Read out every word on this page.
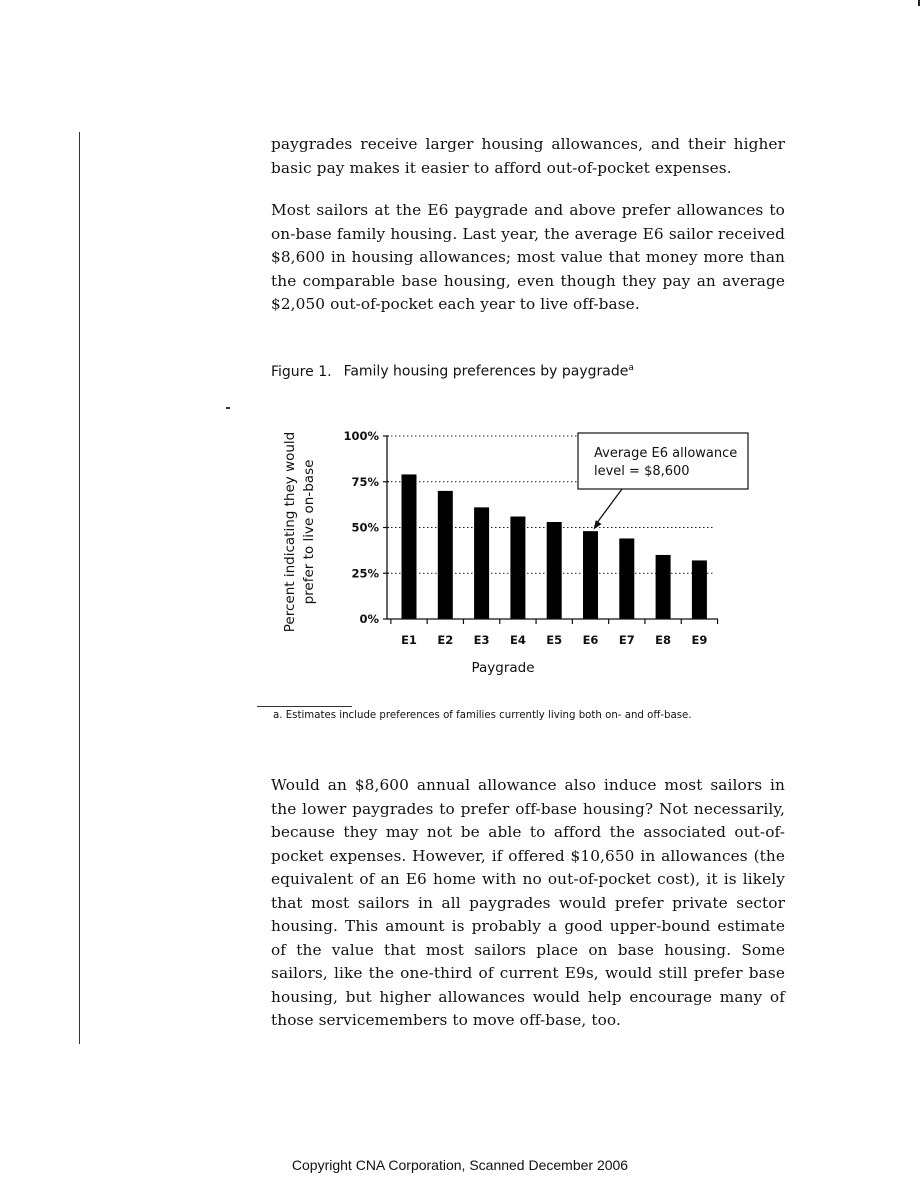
paygrades receive larger housing allowances, and their higher basic pay makes it easier to afford out-of-pocket expenses.

Most sailors at the E6 paygrade and above prefer allowances to on-base family housing. Last year, the average E6 sailor received $8,600 in housing allowances; most value that money more than the comparable base housing, even though they pay an average $2,050 out-of-pocket each year to live off-base.

Figure 1. Family housing preferences by paygrade$^a$
Percent indicating they would prefer to live on-base
0%
25%
50%
75%
100%
E1 E2 E3 E4 E5 E6 E7 E8 E9
Paygrade
Average E6 allowance
level = $8,600
a. Estimates include preferences of families currently living both on- and off-base.

Would an $8,600 annual allowance also induce most sailors in the lower paygrades to prefer off-base housing? Not necessarily, because they may not be able to afford the associated out-of-pocket expenses. However, if offered $10,650 in allowances (the equivalent of an E6 home with no out-of-pocket cost), it is likely that most sailors in all paygrades would prefer private sector housing. This amount is probably a good upper-bound estimate of the value that most sailors place on base housing. Some sailors, like the one-third of current E9s, would still prefer base housing, but higher allowances would help encourage many of those servicemembers to move off-base, too.

Copyright CNA Corporation, Scanned December 2006
